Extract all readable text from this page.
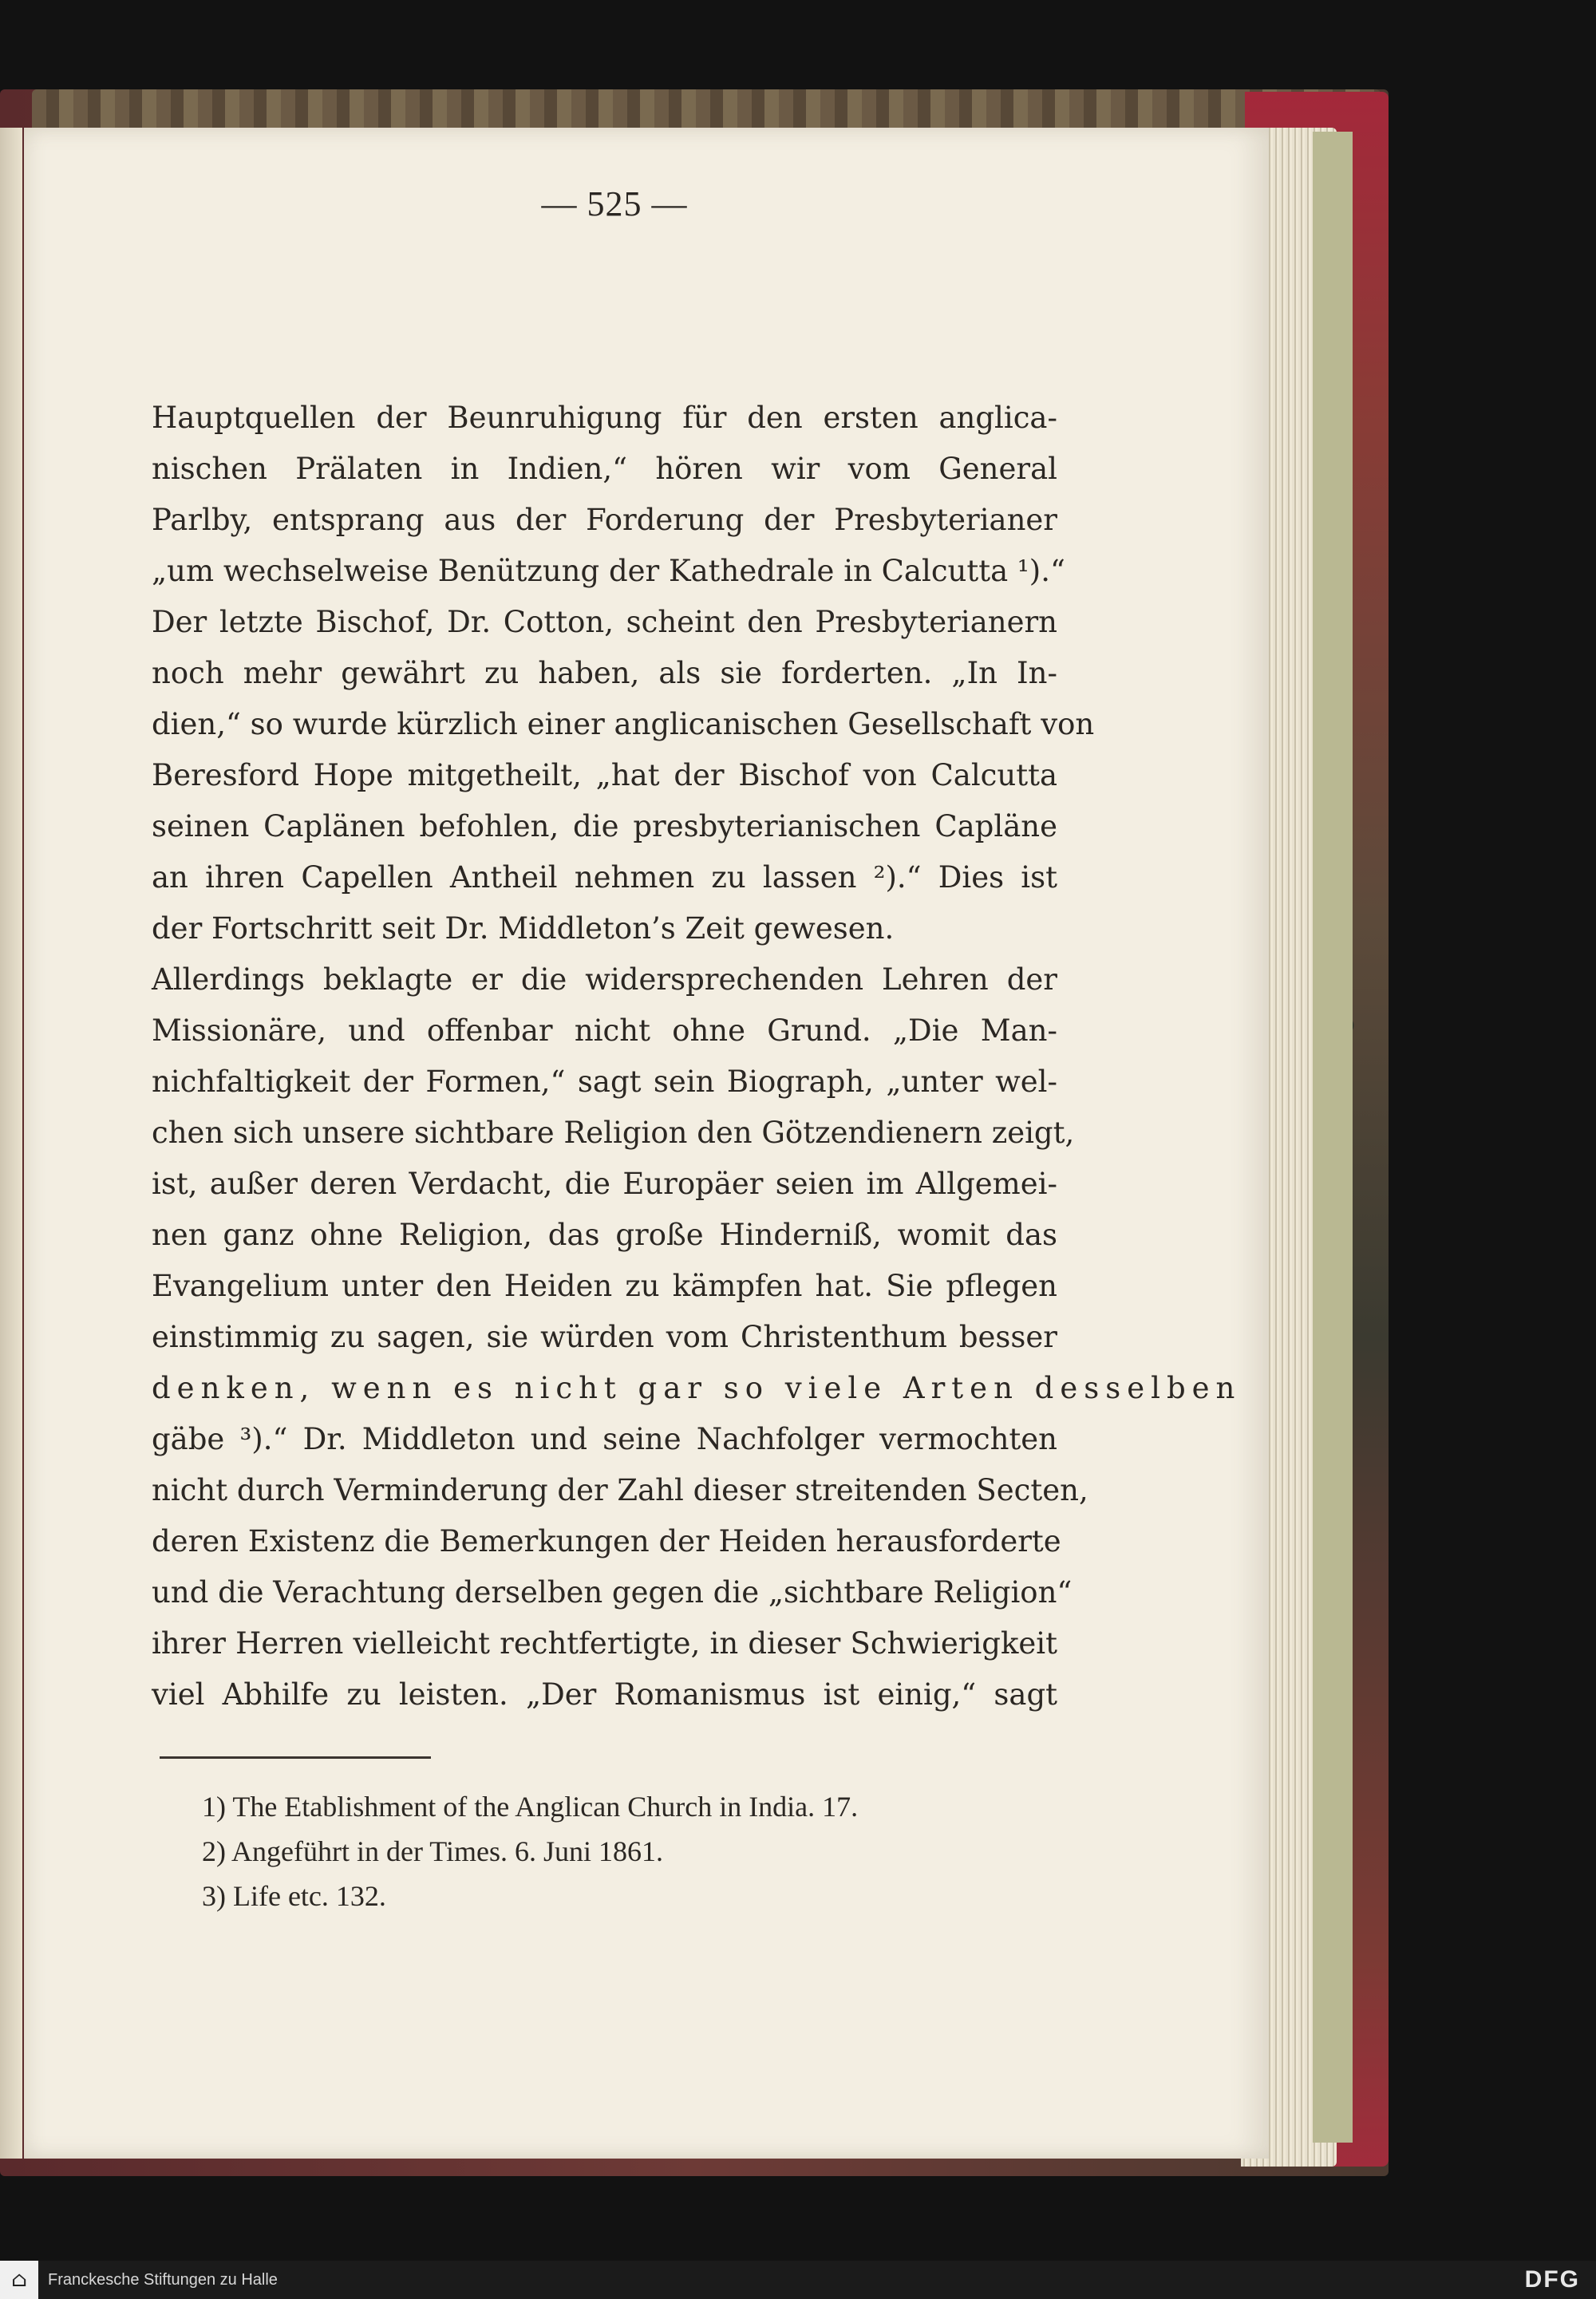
— 525 —
Hauptquellen der Beunruhigung für den ersten anglica-
nischen Prälaten in Indien,“ hören wir vom General
Parlby, entsprang aus der Forderung der Presbyterianer
„um wechselweise Benützung der Kathedrale in Calcutta ¹).“
Der letzte Bischof, Dr. Cotton, scheint den Presbyterianern
noch mehr gewährt zu haben, als sie forderten. „In In-
dien,“ so wurde kürzlich einer anglicanischen Gesellschaft von
Beresford Hope mitgetheilt, „hat der Bischof von Calcutta
seinen Caplänen befohlen, die presbyterianischen Capläne
an ihren Capellen Antheil nehmen zu lassen ²).“ Dies ist
der Fortschritt seit Dr. Middleton’s Zeit gewesen.
Allerdings beklagte er die widersprechenden Lehren der
Missionäre, und offenbar nicht ohne Grund. „Die Man-
nichfaltigkeit der Formen,“ sagt sein Biograph, „unter wel-
chen sich unsere sichtbare Religion den Götzendienern zeigt,
ist, außer deren Verdacht, die Europäer seien im Allgemei-
nen ganz ohne Religion, das große Hinderniß, womit das
Evangelium unter den Heiden zu kämpfen hat. Sie pflegen
einstimmig zu sagen, sie würden vom Christenthum besser
denken, wenn es nicht gar so viele Arten desselben
gäbe ³).“ Dr. Middleton und seine Nachfolger vermochten
nicht durch Verminderung der Zahl dieser streitenden Secten,
deren Existenz die Bemerkungen der Heiden herausforderte
und die Verachtung derselben gegen die „sichtbare Religion“
ihrer Herren vielleicht rechtfertigte, in dieser Schwierigkeit
viel Abhilfe zu leisten. „Der Romanismus ist einig,“ sagt
1) The Etablishment of the Anglican Church in India. 17.
2) Angeführt in der Times. 6. Juni 1861.
3) Life etc. 132.
⌂	Franckesche Stiftungen zu Halle	DFG
